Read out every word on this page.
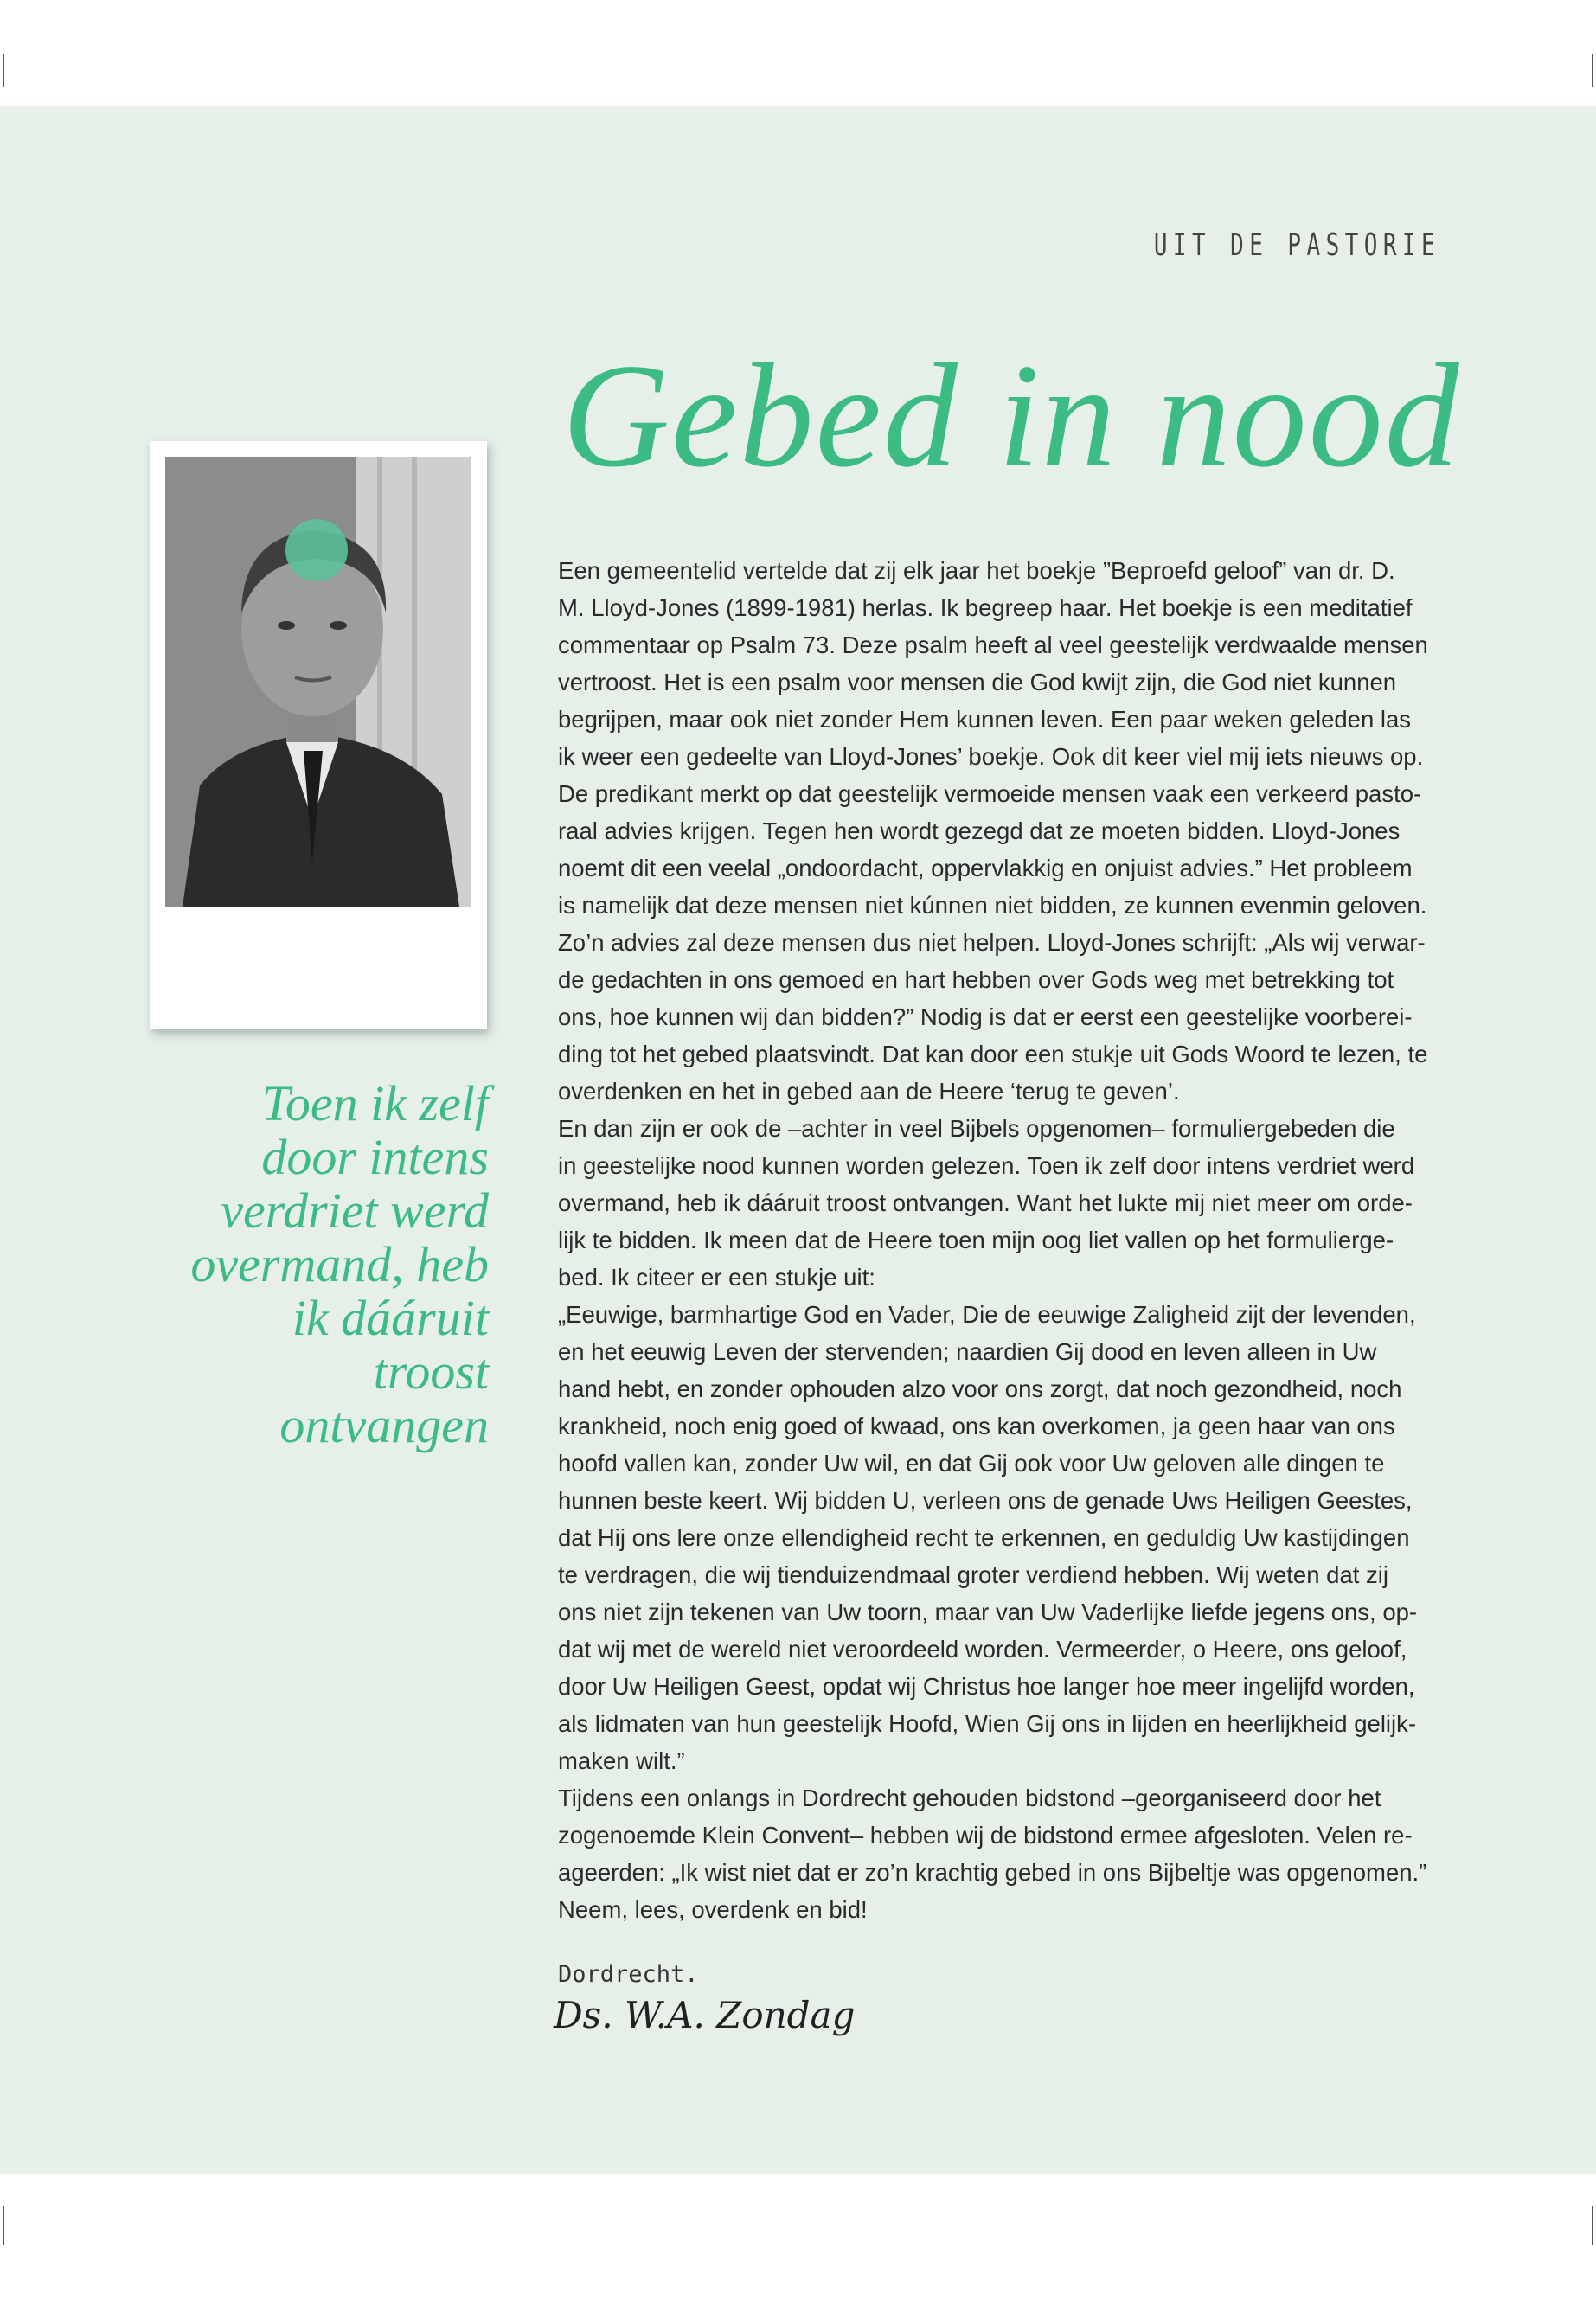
UIT DE PASTORIE
Gebed in nood
Toen ik zelf
door intens
verdriet werd
overmand, heb
ik dááruit
troost
ontvangen
Een gemeentelid vertelde dat zij elk jaar het boekje ”Beproefd geloof” van dr. D.
M. Lloyd-Jones (1899-1981) herlas. Ik begreep haar. Het boekje is een meditatief
commentaar op Psalm 73. Deze psalm heeft al veel geestelijk verdwaalde mensen
vertroost. Het is een psalm voor mensen die God kwijt zijn, die God niet kunnen
begrijpen, maar ook niet zonder Hem kunnen leven. Een paar weken geleden las
ik weer een gedeelte van Lloyd-Jones’ boekje. Ook dit keer viel mij iets nieuws op.
De predikant merkt op dat geestelijk vermoeide mensen vaak een verkeerd pasto-
raal advies krijgen. Tegen hen wordt gezegd dat ze moeten bidden. Lloyd-Jones
noemt dit een veelal „ondoordacht, oppervlakkig en onjuist advies.” Het probleem
is namelijk dat deze mensen niet kúnnen niet bidden, ze kunnen evenmin geloven.
Zo’n advies zal deze mensen dus niet helpen. Lloyd-Jones schrijft: „Als wij verwar-
de gedachten in ons gemoed en hart hebben over Gods weg met betrekking tot
ons, hoe kunnen wij dan bidden?” Nodig is dat er eerst een geestelijke voorberei-
ding tot het gebed plaatsvindt. Dat kan door een stukje uit Gods Woord te lezen, te
overdenken en het in gebed aan de Heere ‘terug te geven’.
En dan zijn er ook de –achter in veel Bijbels opgenomen– formuliergebeden die
in geestelijke nood kunnen worden gelezen. Toen ik zelf door intens verdriet werd
overmand, heb ik dááruit troost ontvangen. Want het lukte mij niet meer om orde-
lijk te bidden. Ik meen dat de Heere toen mijn oog liet vallen op het formulierge-
bed. Ik citeer er een stukje uit:
„Eeuwige, barmhartige God en Vader, Die de eeuwige Zaligheid zijt der levenden,
en het eeuwig Leven der stervenden; naardien Gij dood en leven alleen in Uw
hand hebt, en zonder ophouden alzo voor ons zorgt, dat noch gezondheid, noch
krankheid, noch enig goed of kwaad, ons kan overkomen, ja geen haar van ons
hoofd vallen kan, zonder Uw wil, en dat Gij ook voor Uw geloven alle dingen te
hunnen beste keert. Wij bidden U, verleen ons de genade Uws Heiligen Geestes,
dat Hij ons lere onze ellendigheid recht te erkennen, en geduldig Uw kastijdingen
te verdragen, die wij tienduizendmaal groter verdiend hebben. Wij weten dat zij
ons niet zijn tekenen van Uw toorn, maar van Uw Vaderlijke liefde jegens ons, op-
dat wij met de wereld niet veroordeeld worden. Vermeerder, o Heere, ons geloof,
door Uw Heiligen Geest, opdat wij Christus hoe langer hoe meer ingelijfd worden,
als lidmaten van hun geestelijk Hoofd, Wien Gij ons in lijden en heerlijkheid gelijk-
maken wilt.”
Tijdens een onlangs in Dordrecht gehouden bidstond –georganiseerd door het
zogenoemde Klein Convent– hebben wij de bidstond ermee afgesloten. Velen re-
ageerden: „Ik wist niet dat er zo’n krachtig gebed in ons Bijbeltje was opgenomen.”
Neem, lees, overdenk en bid!
Dordrecht.
Ds. W.A. Zondag
